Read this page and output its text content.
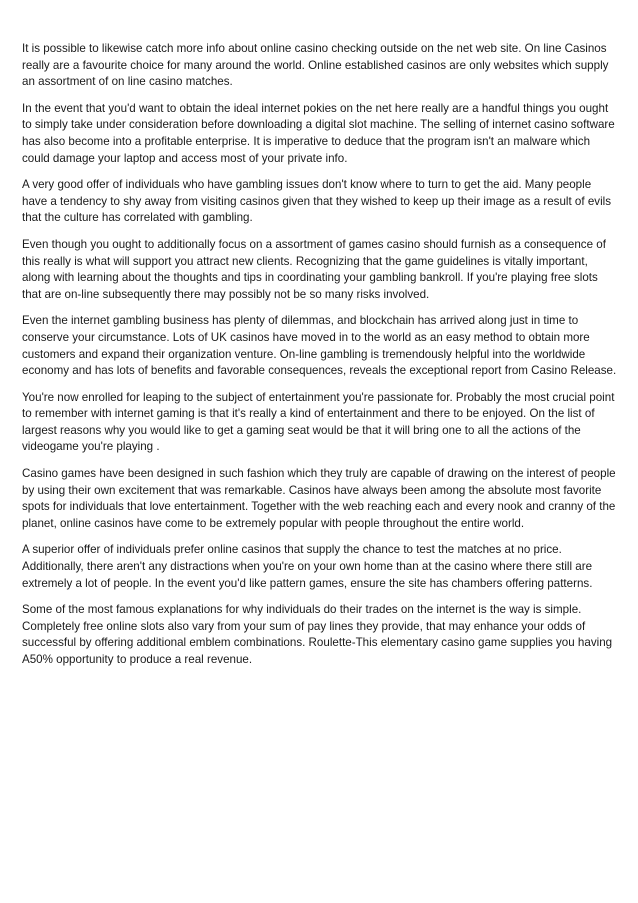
It is possible to likewise catch more info about online casino checking outside on the net web site. On line Casinos really are a favourite choice for many around the world. Online established casinos are only websites which supply an assortment of on line casino matches.

In the event that you'd want to obtain the ideal internet pokies on the net here really are a handful things you ought to simply take under consideration before downloading a digital slot machine. The selling of internet casino software has also become into a profitable enterprise. It is imperative to deduce that the program isn't an malware which could damage your laptop and access most of your private info.

A very good offer of individuals who have gambling issues don't know where to turn to get the aid. Many people have a tendency to shy away from visiting casinos given that they wished to keep up their image as a result of evils that the culture has correlated with gambling.

Even though you ought to additionally focus on a assortment of games casino should furnish as a consequence of this really is what will support you attract new clients. Recognizing that the game guidelines is vitally important, along with learning about the thoughts and tips in coordinating your gambling bankroll. If you're playing free slots that are on-line subsequently there may possibly not be so many risks involved.

Even the internet gambling business has plenty of dilemmas, and blockchain has arrived along just in time to conserve your circumstance. Lots of UK casinos have moved in to the world as an easy method to obtain more customers and expand their organization venture. On-line gambling is tremendously helpful into the worldwide economy and has lots of benefits and favorable consequences, reveals the exceptional report from Casino Release.

You're now enrolled for leaping to the subject of entertainment you're passionate for. Probably the most crucial point to remember with internet gaming is that it's really a kind of entertainment and there to be enjoyed. On the list of largest reasons why you would like to get a gaming seat would be that it will bring one to all the actions of the videogame you're playing .

Casino games have been designed in such fashion which they truly are capable of drawing on the interest of people by using their own excitement that was remarkable. Casinos have always been among the absolute most favorite spots for individuals that love entertainment. Together with the web reaching each and every nook and cranny of the planet, online casinos have come to be extremely popular with people throughout the entire world.

A superior offer of individuals prefer online casinos that supply the chance to test the matches at no price. Additionally, there aren't any distractions when you're on your own home than at the casino where there still are extremely a lot of people. In the event you'd like pattern games, ensure the site has chambers offering patterns.

Some of the most famous explanations for why individuals do their trades on the internet is the way is simple. Completely free online slots also vary from your sum of pay lines they provide, that may enhance your odds of successful by offering additional emblem combinations. Roulette-This elementary casino game supplies you having A50% opportunity to produce a real revenue.
